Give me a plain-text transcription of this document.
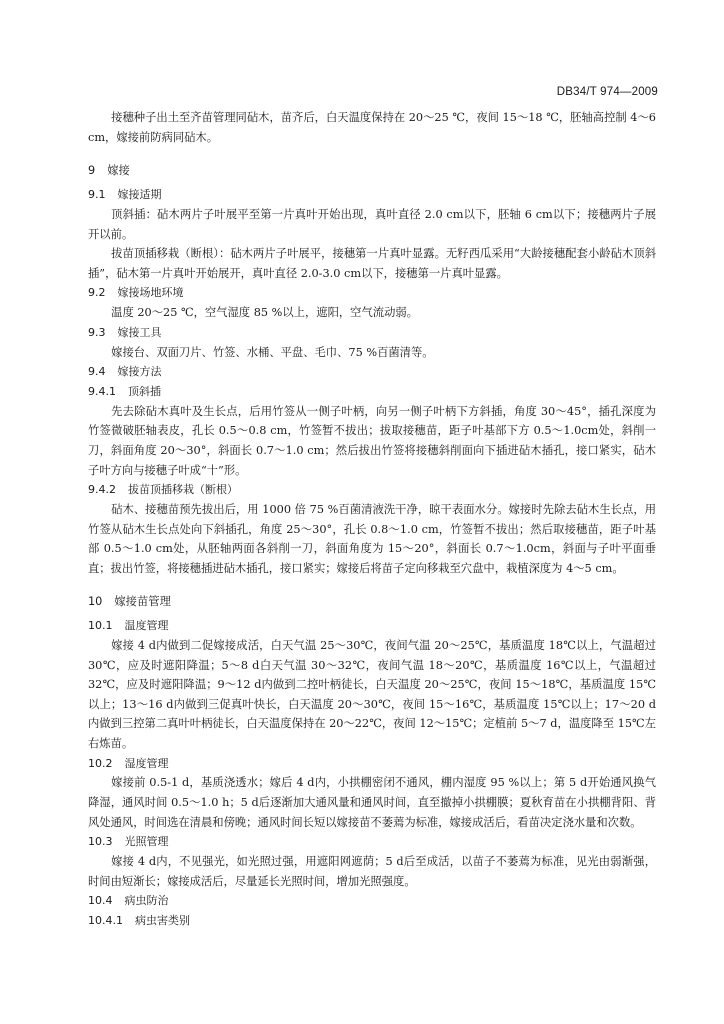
DB34/T 974—2009

接穗种子出土至齐苗管理同砧木，苗齐后，白天温度保持在 20～25 ℃，夜间 15～18 ℃，胚轴高控制 4～6 cm，嫁接前防病同砧木。

9 嫁接
9.1 嫁接适期

顶斜插：砧木两片子叶展平至第一片真叶开始出现，真叶直径 2.0 cm以下，胚轴 6 cm以下；接穗两片子展开以前。

拔苗顶插移栽（断根）：砧木两片子叶展平，接穗第一片真叶显露。无籽西瓜采用“大龄接穗配套小龄砧木顶斜插”，砧木第一片真叶开始展开，真叶直径 2.0-3.0 cm以下，接穗第一片真叶显露。

9.2 嫁接场地环境

温度 20～25 ℃，空气湿度 85 %以上，遮阳，空气流动弱。

9.3 嫁接工具

嫁接台、双面刀片、竹签、水桶、平盘、毛巾、75 %百菌清等。

9.4 嫁接方法
9.4.1 顶斜插

先去除砧木真叶及生长点，后用竹签从一侧子叶柄，向另一侧子叶柄下方斜插，角度 30～45°，插孔深度为竹签微破胚轴表皮，孔长 0.5～0.8 cm，竹签暂不拔出；拔取接穗苗，距子叶基部下方 0.5～1.0cm处，斜削一刀，斜面角度 20～30°，斜面长 0.7～1.0 cm；然后拔出竹签将接穗斜削面向下插进砧木插孔，接口紧实，砧木子叶方向与接穗子叶成“十”形。

9.4.2 拔苗顶插移栽（断根）

砧木、接穗苗预先拔出后，用 1000 倍 75 %百菌清液洗干净，晾干表面水分。嫁接时先除去砧木生长点，用竹签从砧木生长点处向下斜插孔，角度 25～30°，孔长 0.8～1.0 cm，竹签暂不拔出；然后取接穗苗，距子叶基部 0.5～1.0 cm处，从胚轴两面各斜削一刀，斜面角度为 15～20°，斜面长 0.7～1.0cm，斜面与子叶平面垂直；拔出竹签，将接穗插进砧木插孔，接口紧实；嫁接后将苗子定向移栽至穴盘中，栽植深度为 4～5 cm。

10 嫁接苗管理
10.1 温度管理

嫁接 4 d内做到二促嫁接成活，白天气温 25～30℃，夜间气温 20～25℃，基质温度 18℃以上，气温超过 30℃，应及时遮阳降温；5～8 d白天气温 30～32℃，夜间气温 18～20℃，基质温度 16℃以上，气温超过 32℃，应及时遮阳降温；9～12 d内做到二控叶柄徒长，白天温度 20～25℃，夜间 15～18℃，基质温度 15℃以上；13～16 d内做到三促真叶快长，白天温度 20～30℃，夜间 15～16℃，基质温度 15℃以上；17～20 d内做到三控第二真叶叶柄徒长，白天温度保持在 20～22℃，夜间 12～15℃；定植前 5～7 d，温度降至 15℃左右炼苗。

10.2 湿度管理

嫁接前 0.5-1 d，基质浇透水；嫁后 4 d内，小拱棚密闭不通风，棚内湿度 95 %以上；第 5 d开始通风换气降湿，通风时间 0.5～1.0 h；5 d后逐渐加大通风量和通风时间，直至撤掉小拱棚膜；夏秋育苗在小拱棚背阳、背风处通风，时间选在清晨和傍晚；通风时间长短以嫁接苗不萎蔫为标准，嫁接成活后，看苗决定浇水量和次数。

10.3 光照管理

嫁接 4 d内，不见强光，如光照过强，用遮阳网遮荫；5 d后至成活，以苗子不萎蔫为标准，见光由弱渐强，时间由短渐长；嫁接成活后，尽量延长光照时间，增加光照强度。

10.4 病虫防治
10.4.1 病虫害类别
